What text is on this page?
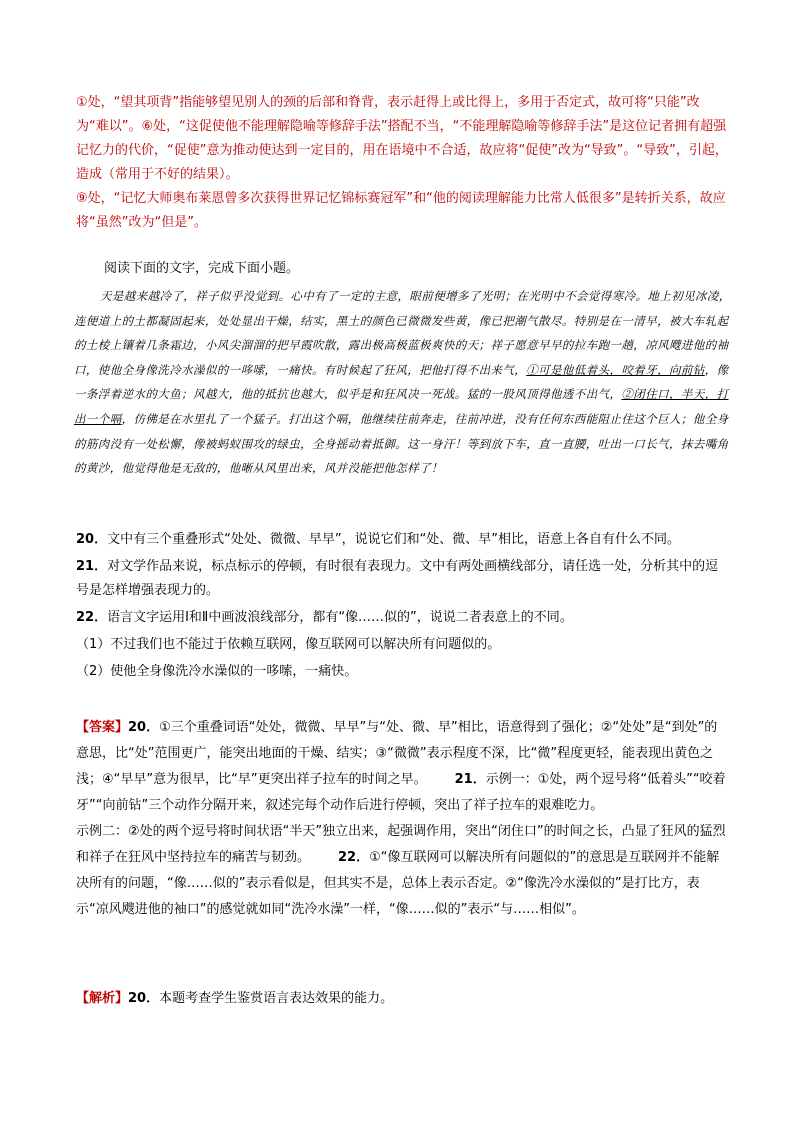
①处，“望其项背”指能够望见别人的颈的后部和脊背，表示赶得上或比得上，多用于否定式，故可将“只能”改为“难以”。⑥处，“这促使他不能理解隐喻等修辞手法”搭配不当，“不能理解隐喻等修辞手法”是这位记者拥有超强记忆力的代价，“促使”意为推动使达到一定目的，用在语境中不合适，故应将“促使”改为“导致”。“导致”，引起，造成（常用于不好的结果）。

⑨处，“记忆大师奥布莱恩曾多次获得世界记忆锦标赛冠军”和“他的阅读理解能力比常人低很多”是转折关系，故应将“虽然”改为“但是”。

阅读下面的文字，完成下面小题。

天是越来越冷了，祥子似乎没觉到。心中有了一定的主意，眼前便增多了光明；在光明中不会觉得寒冷。地上初见冰凌，连便道上的土都凝固起来，处处显出干燥，结实，黑土的颜色已微微发些黄，像已把潮气散尽。特别是在一清早，被大车轧起的土棱上镶着几条霜边，小风尖溜溜的把早霞吹散，露出极高极蓝极爽快的天；祥子愿意早早的拉车跑一趟，凉风飕进他的袖口，使他全身像洗冷水澡似的一哆嗦，一痛快。有时候起了狂风，把他打得不出来气，①可是他低着头，咬着牙，向前钻，像一条浮着逆水的大鱼；风越大，他的抵抗也越大，似乎是和狂风决一死战。猛的一股风顶得他透不出气，②闭住口，半天，打出一个嗝，仿佛是在水里扎了一个猛子。打出这个嗝，他继续往前奔走，往前冲进，没有任何东西能阻止住这个巨人；他全身的筋肉没有一处松懈，像被蚂蚁围攻的绿虫，全身摇动着抵御。这一身汗！等到放下车，直一直腰，吐出一口长气，抹去嘴角的黄沙，他觉得他是无敌的，他晰从风里出来，风并没能把他怎样了！

20．文中有三个重叠形式“处处、微微、早早”，说说它们和“处、微、早”相比，语意上各自有什么不同。

21．对文学作品来说，标点标示的停顿，有时很有表现力。文中有两处画横线部分，请任选一处，分析其中的逗号是怎样增强表现力的。

22．语言文字运用Ⅰ和Ⅱ中画波浪线部分，都有“像……似的”，说说二者表意上的不同。

（1）不过我们也不能过于依赖互联网，像互联网可以解决所有问题似的。

（2）使他全身像洗冷水澡似的一哆嗦，一痛快。

【答案】20．①三个重叠词语“处处，微微、早早”与“处、微、早”相比，语意得到了强化；②“处处”是“到处”的意思，比“处”范围更广，能突出地面的干燥、结实；③“微微”表示程度不深，比“微”程度更轻，能表现出黄色之浅；④“早早”意为很早，比“早”更突出祥子拉车的时间之早。 21．示例一：①处，两个逗号将“低着头”“咬着牙”“向前钻”三个动作分隔开来，叙述完每个动作后进行停顿，突出了祥子拉车的艰难吃力。

示例二：②处的两个逗号将时间状语“半天”独立出来，起强调作用，突出“闭住口”的时间之长，凸显了狂风的猛烈和祥子在狂风中坚持拉车的痛苦与韧劲。 22．①“像互联网可以解决所有问题似的”的意思是互联网并不能解决所有的问题，“像……似的”表示看似是，但其实不是，总体上表示否定。②“像洗冷水澡似的”是打比方，表示“凉风飕进他的袖口”的感觉就如同“洗冷水澡”一样，“像……似的”表示“与……相似”。

【解析】20．本题考查学生鉴赏语言表达效果的能力。
